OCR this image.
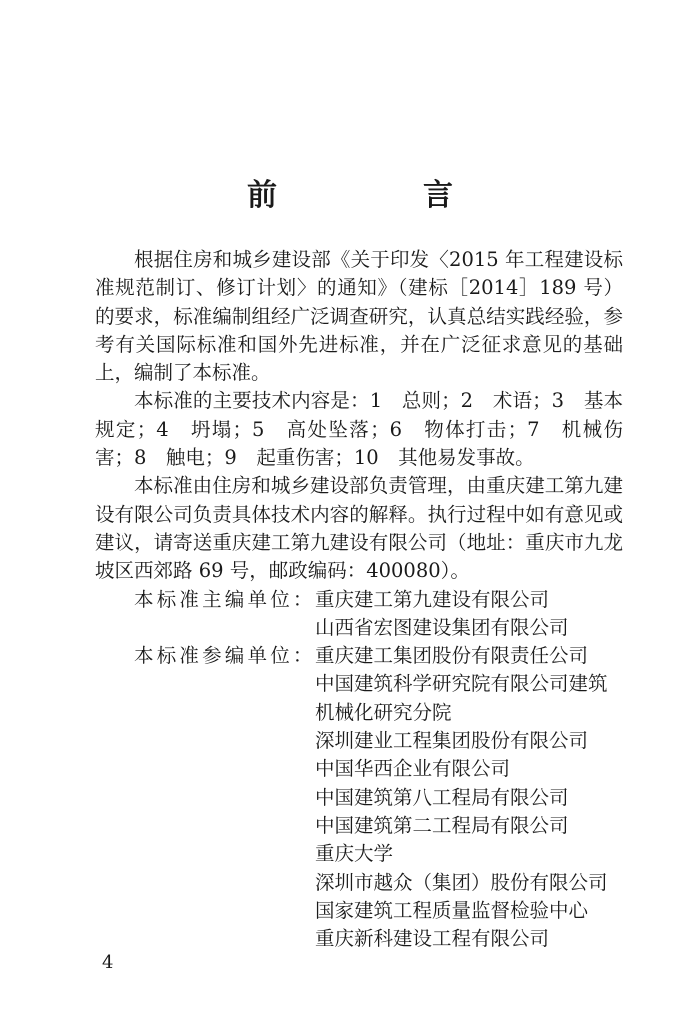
前　言

根据住房和城乡建设部《关于印发〈2015 年工程建设标准规范制订、修订计划〉的通知》（建标［2014］189 号）的要求，标准编制组经广泛调查研究，认真总结实践经验，参考有关国际标准和国外先进标准，并在广泛征求意见的基础上，编制了本标准。

本标准的主要技术内容是：1　总则；2　术语；3　基本规定；4　坍塌；5　高处坠落；6　物体打击；7　机械伤害；8　触电；9　起重伤害；10　其他易发事故。

本标准由住房和城乡建设部负责管理，由重庆建工第九建设有限公司负责具体技术内容的解释。执行过程中如有意见或建议，请寄送重庆建工第九建设有限公司（地址：重庆市九龙坡区西郊路 69 号，邮政编码：400080）。

本标准主编单位： 重庆建工第九建设有限公司
山西省宏图建设集团有限公司
本标准参编单位： 重庆建工集团股份有限责任公司
中国建筑科学研究院有限公司建筑机械化研究分院
深圳建业工程集团股份有限公司
中国华西企业有限公司
中国建筑第八工程局有限公司
中国建筑第二工程局有限公司
重庆大学
深圳市越众（集团）股份有限公司
国家建筑工程质量监督检验中心
重庆新科建设工程有限公司
4
